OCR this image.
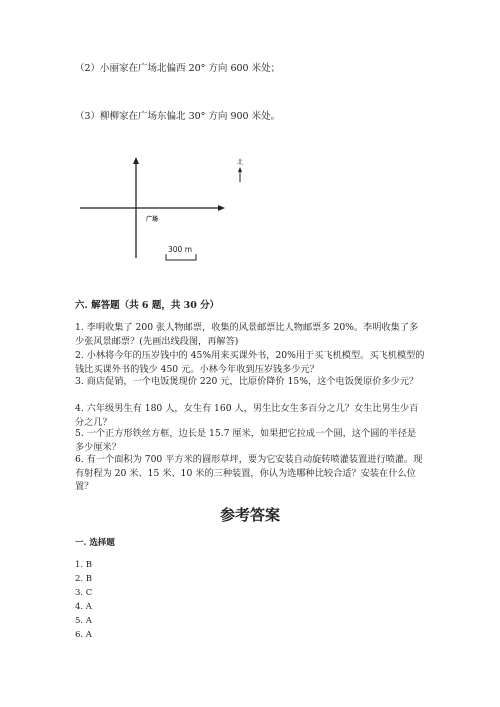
（2）小丽家在广场北偏西 20° 方向 600 米处；
（3）柳柳家在广场东偏北 30° 方向 900 米处。
北
广场
300 m
六. 解答题（共 6 题，共 30 分）
1. 李明收集了 200 张人物邮票，收集的风景邮票比人物邮票多 20%。李明收集了多少张风景邮票？(先画出线段图，再解答)
2. 小林将今年的压岁钱中的 45%用来买课外书，20%用于买飞机模型。买飞机模型的钱比买课外书的钱少 450 元。小林今年收到压岁钱多少元？
3. 商店促销，一个电饭煲现价 220 元，比原价降价 15%，这个电饭煲原价多少元？
4. 六年级男生有 180 人，女生有 160 人，男生比女生多百分之几？女生比男生少百分之几？
5. 一个正方形铁丝方框，边长是 15.7 厘米，如果把它拉成一个圆，这个圆的半径是多少厘米？
6. 有一个面积为 700 平方米的圆形草坪，要为它安装自动旋转喷灌装置进行喷灌。现有射程为 20 米、15 米、10 米的三种装置，你认为选哪种比较合适？安装在什么位置？
参考答案
一. 选择题
1. B
2. B
3. C
4. A
5. A
6. A
